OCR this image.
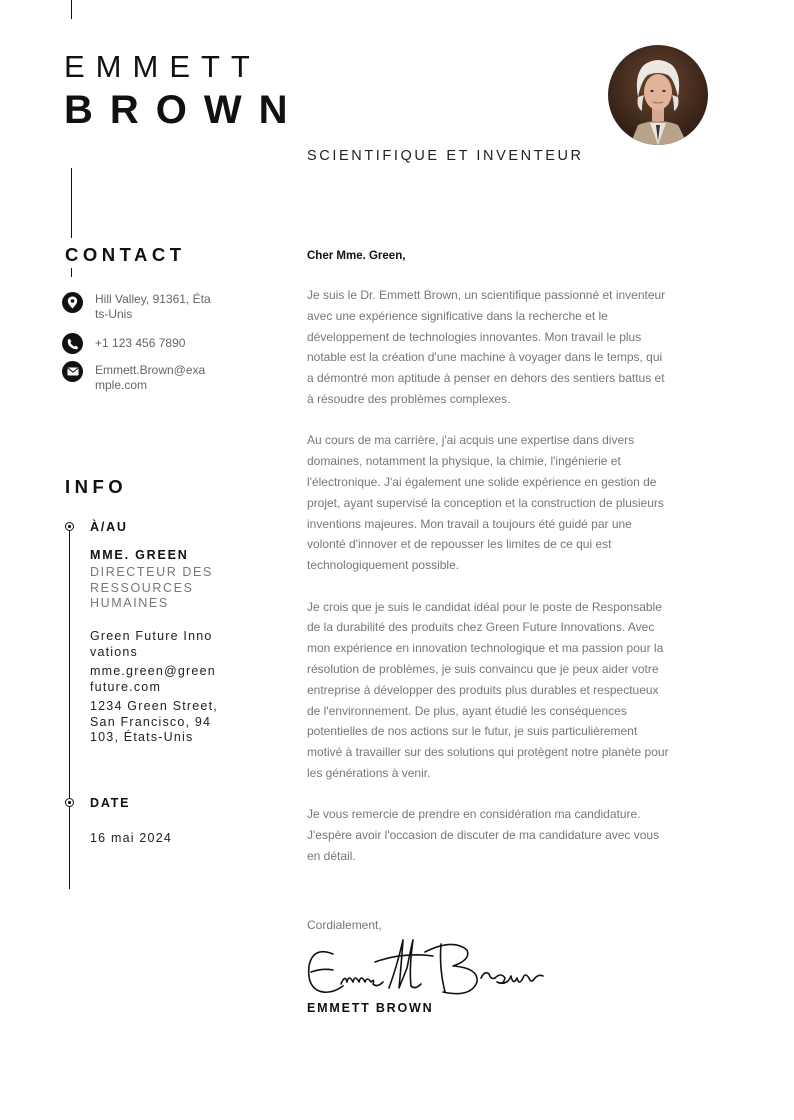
EMMETT
BROWN
SCIENTIFIQUE ET INVENTEUR
CONTACT
Hill Valley, 91361, États-Unis
+1 123 456 7890
Emmett.Brown@example.com
INFO
À/AU
MME. GREEN
DIRECTEUR DES RESSOURCES HUMAINES
Green Future Innovations
mme.green@greenfuture.com
1234 Green Street, San Francisco, 94103, États-Unis
DATE
16 mai 2024
Cher Mme. Green,

Je suis le Dr. Emmett Brown, un scientifique passionné et inventeur avec une expérience significative dans la recherche et le développement de technologies innovantes. Mon travail le plus notable est la création d'une machine à voyager dans le temps, qui a démontré mon aptitude à penser en dehors des sentiers battus et à résoudre des problèmes complexes.

Au cours de ma carrière, j'ai acquis une expertise dans divers domaines, notamment la physique, la chimie, l'ingénierie et l'électronique. J'ai également une solide expérience en gestion de projet, ayant supervisé la conception et la construction de plusieurs inventions majeures. Mon travail a toujours été guidé par une volonté d'innover et de repousser les limites de ce qui est technologiquement possible.

Je crois que je suis le candidat idéal pour le poste de Responsable de la durabilité des produits chez Green Future Innovations. Avec mon expérience en innovation technologique et ma passion pour la résolution de problèmes, je suis convaincu que je peux aider votre entreprise à développer des produits plus durables et respectueux de l'environnement. De plus, ayant étudié les conséquences potentielles de nos actions sur le futur, je suis particulièrement motivé à travailler sur des solutions qui protègent notre planète pour les générations à venir.

Je vous remercie de prendre en considération ma candidature. J'espère avoir l'occasion de discuter de ma candidature avec vous en détail.

Cordialement,
EMMETT BROWN
